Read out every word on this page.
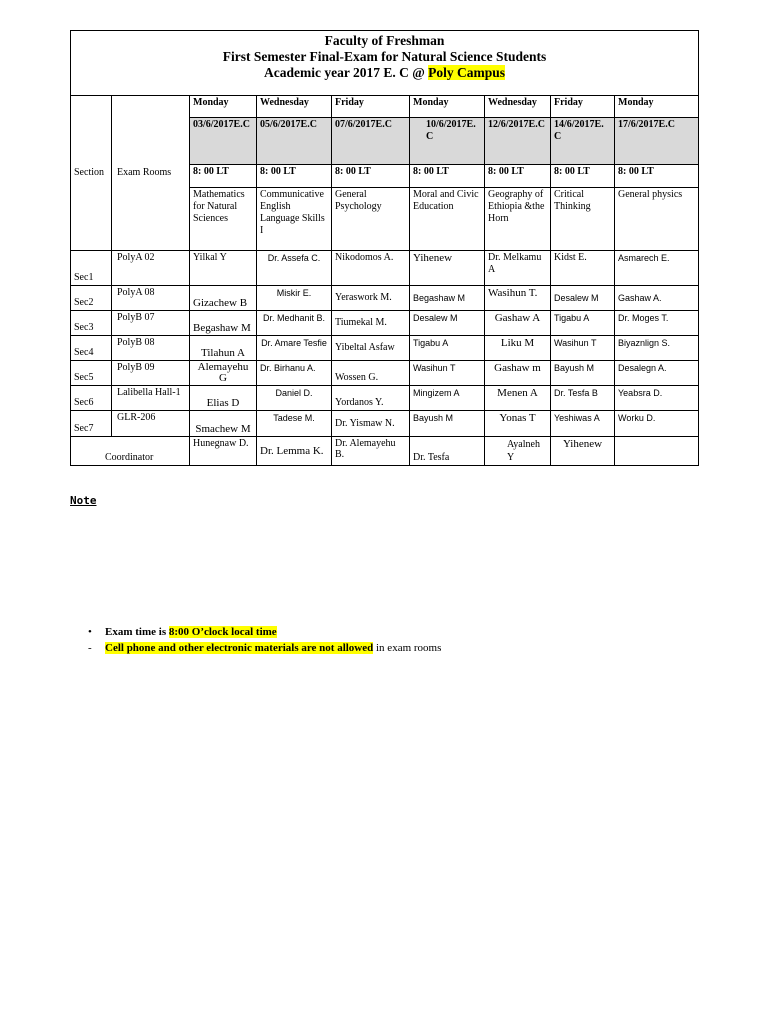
Faculty of Freshman
First Semester Final-Exam for Natural Science Students
Academic year 2017 E. C @ Poly Campus								

Section	Exam Rooms	Monday	Wednesday	Friday	Monday	Wednesday	Friday	Monday
		03/6/2017E.C	05/6/2017E.C	07/6/2017E.C	10/6/2017E. C	12/6/2017E.C	14/6/2017E. C	17/6/2017E.C
		8: 00 LT	8: 00 LT	8: 00 LT	8: 00 LT	8: 00 LT	8: 00 LT	8: 00 LT
		Mathematics for Natural Sciences	Communicative English Language Skills I	General Psychology	Moral and Civic Education	Geography of Ethiopia &the Horn	Critical Thinking	General physics
Sec1	PolyA 02	Yilkal Y	Dr. Assefa C.	Nikodomos A.	Yihenew	Dr. Melkamu A	Kidst E.	Asmarech E.
Sec2	PolyA 08	Gizachew B	Miskir E.	Yeraswork M.	Begashaw M	Wasihun T.	Desalew M	Gashaw A.
Sec3	PolyB 07	Begashaw M	Dr. Medhanit B.	Tiumekal M.	Desalew M	Gashaw A	Tigabu A	Dr. Moges T.
Sec4	PolyB 08	Tilahun A	Dr. Amare Tesfie	Yibeltal Asfaw	Tigabu A	Liku M	Wasihun T	Biyaznlign S.
Sec5	PolyB 09	Alemayehu G	Dr. Birhanu A.	Wossen G.	Wasihun T	Gashaw m	Bayush M	Desalegn A.
Sec6	Lalibella Hall-1	Elias D	Daniel D.	Yordanos Y.	Mingizem A	Menen A	Dr. Tesfa B	Yeabsra D.
Sec7	GLR-206	Smachew M	Tadese M.	Dr. Yismaw N.	Bayush M	Yonas T	Yeshiwas A	Worku D.
Coordinator		Hunegnaw D.	Dr. Lemma K.	Dr. Alemayehu B.	Dr. Tesfa	Ayalneh Y	Yihenew	
Note
• Exam time is 8:00 O’clock local time
- Cell phone and other electronic materials are not allowed in exam rooms
